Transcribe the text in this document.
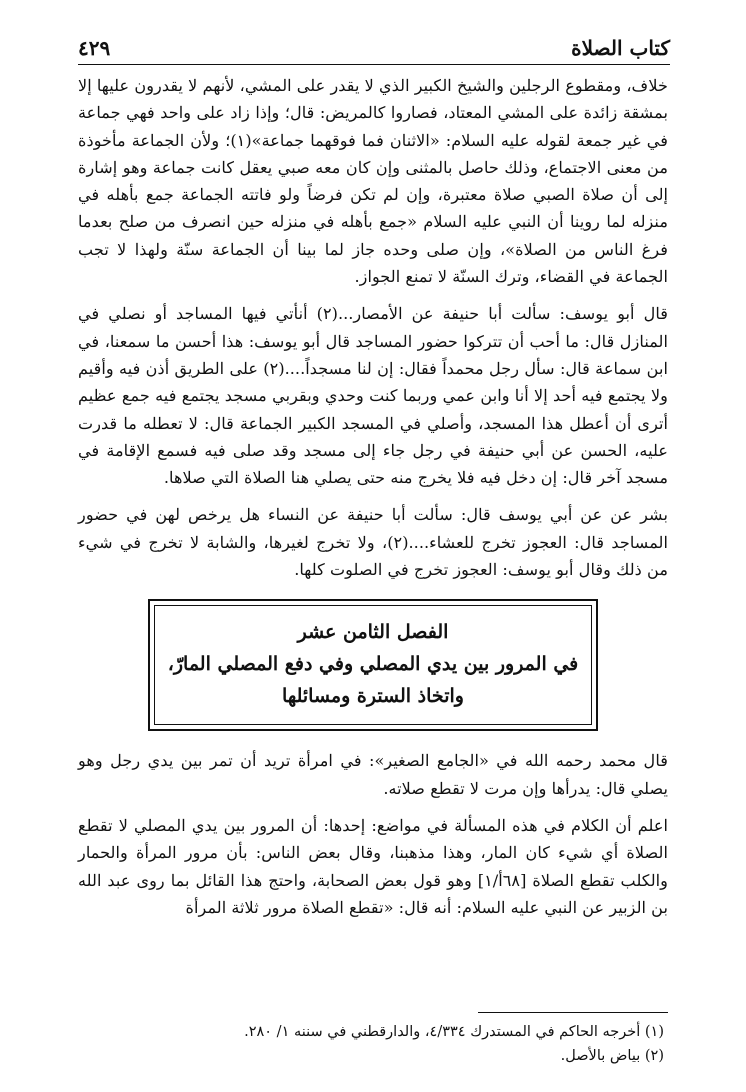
كتاب الصلاة
٤٢٩

خلاف، ومقطوع الرجلين والشيخ الكبير الذي لا يقدر على المشي، لأنهم لا يقدرون عليها إلا بمشقة زائدة على المشي المعتاد، فصاروا كالمريض: قال؛ وإذا زاد على واحد فهي جماعة في غير جمعة لقوله عليه السلام: «الاثنان فما فوقهما جماعة»(١)؛ ولأن الجماعة مأخوذة من معنى الاجتماع، وذلك حاصل بالمثنى وإن كان معه صبي يعقل كانت جماعة وهو إشارة إلى أن صلاة الصبي صلاة معتبرة، وإن لم تكن فرضاً ولو فاتته الجماعة جمع بأهله في منزله لما روينا أن النبي عليه السلام «جمع بأهله في منزله حين انصرف من صلح بعدما فرغ الناس من الصلاة»، وإن صلى وحده جاز لما بينا أن الجماعة سنّة ولهذا لا تجب الجماعة في القضاء، وترك السنّة لا تمنع الجواز.

قال أبو يوسف: سألت أبا حنيفة عن الأمصار...(٢) أنأتي فيها المساجد أو نصلي في المنازل قال: ما أحب أن تتركوا حضور المساجد قال أبو يوسف: هذا أحسن ما سمعنا، في ابن سماعة قال: سأل رجل محمداً فقال: إن لنا مسجداً....(٢) على الطريق أذن فيه وأقيم ولا يجتمع فيه أحد إلا أنا وابن عمي وربما كنت وحدي وبقربي مسجد يجتمع فيه جمع عظيم أترى أن أعطل هذا المسجد، وأصلي في المسجد الكبير الجماعة قال: لا تعطله ما قدرت عليه، الحسن عن أبي حنيفة في رجل جاء إلى مسجد وقد صلى فيه فسمع الإقامة في مسجد آخر قال: إن دخل فيه فلا يخرج منه حتى يصلي هنا الصلاة التي صلاها.

بشر عن عن أبي يوسف قال: سألت أبا حنيفة عن النساء هل يرخص لهن في حضور المساجد قال: العجوز تخرج للعشاء....(٢)، ولا تخرج لغيرها، والشابة لا تخرج في شيء من ذلك وقال أبو يوسف: العجوز تخرج في الصلوت كلها.

الفصل الثامن عشر
في المرور بين يدي المصلي وفي دفع المصلي المارّ،
واتخاذ السترة ومسائلها

قال محمد رحمه الله في «الجامع الصغير»: في امرأة تريد أن تمر بين يدي رجل وهو يصلي قال: يدرأها وإن مرت لا تقطع صلاته.

اعلم أن الكلام في هذه المسألة في مواضع: إحدها: أن المرور بين يدي المصلي لا تقطع الصلاة أي شيء كان المار، وهذا مذهبنا، وقال بعض الناس: بأن مرور المرأة والحمار والكلب تقطع الصلاة [٦٨أ/١] وهو قول بعض الصحابة، واحتج هذا القائل بما روى عبد الله بن الزبير عن النبي عليه السلام: أنه قال: «تقطع الصلاة مرور ثلاثة المرأة

(١) أخرجه الحاكم في المستدرك ٤/٣٣٤، والدارقطني في سننه ١/ ٢٨٠.

(٢) بياض بالأصل.
